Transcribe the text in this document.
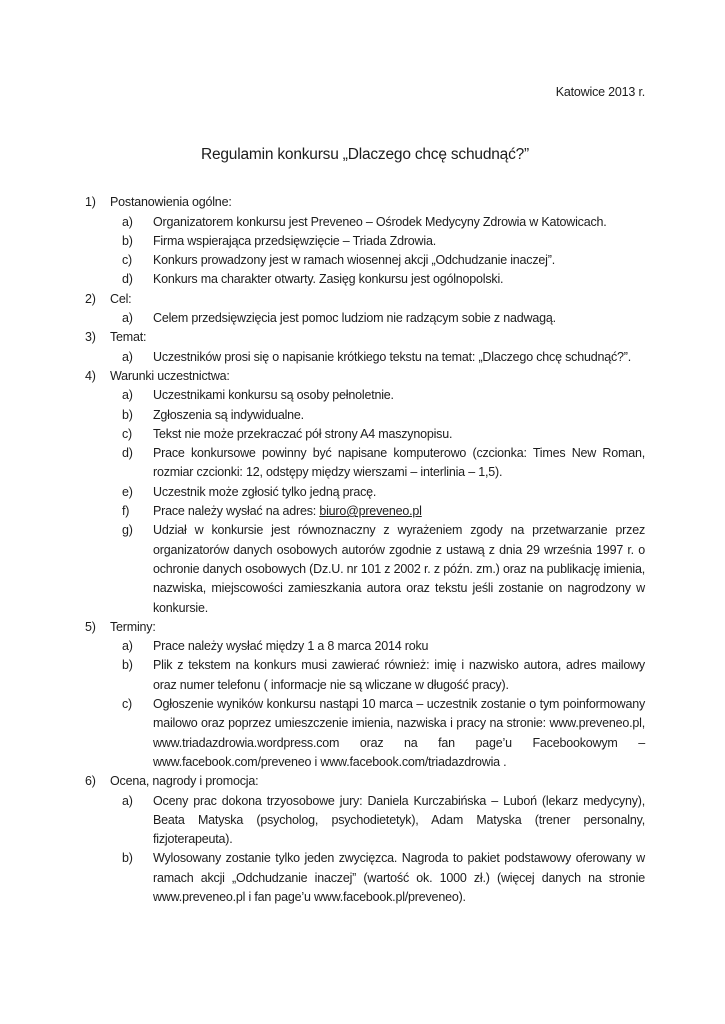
Katowice 2013 r.
Regulamin konkursu „Dlaczego chcę schudnąć?”
1)	Postanowienia ogólne:
a)	Organizatorem konkursu jest Preveneo – Ośrodek Medycyny Zdrowia w Katowicach.
b)	Firma wspierająca przedsięwzięcie – Triada Zdrowia.
c)	Konkurs prowadzony jest w ramach wiosennej akcji „Odchudzanie inaczej”.
d)	Konkurs ma charakter otwarty. Zasięg konkursu jest ogólnopolski.
2)	Cel:
a)	Celem przedsięwzięcia jest pomoc ludziom nie radzącym sobie z nadwagą.
3)	Temat:
a)	Uczestników prosi się o napisanie krótkiego tekstu na temat: „Dlaczego chcę schudnąć?”.
4)	Warunki uczestnictwa:
a)	Uczestnikami konkursu są osoby pełnoletnie.
b)	Zgłoszenia są indywidualne.
c)	Tekst nie może przekraczać pół strony A4 maszynopisu.
d)	Prace konkursowe powinny być napisane komputerowo (czcionka: Times New Roman, rozmiar czcionki: 12, odstępy między wierszami – interlinia – 1,5).
e)	Uczestnik może zgłosić tylko jedną pracę.
f)	Prace należy wysłać na adres: biuro@preveneo.pl
g)	Udział w konkursie jest równoznaczny z wyrażeniem zgody na przetwarzanie przez organizatorów danych osobowych autorów zgodnie z ustawą z dnia 29 września 1997 r. o ochronie danych osobowych (Dz.U. nr 101 z 2002 r. z późn. zm.) oraz na publikację imienia, nazwiska, miejscowości zamieszkania autora oraz tekstu jeśli zostanie on nagrodzony w konkursie.
5)	Terminy:
a)	Prace należy wysłać między 1 a 8 marca 2014 roku
b)	Plik z tekstem na konkurs musi zawierać również: imię i nazwisko autora, adres mailowy oraz numer telefonu ( informacje nie są wliczane w długość pracy).
c)	Ogłoszenie wyników konkursu nastąpi 10 marca – uczestnik zostanie o tym poinformowany mailowo oraz poprzez umieszczenie imienia, nazwiska i pracy na stronie: www.preveneo.pl, www.triadazdrowia.wordpress.com oraz na fan page’u Facebookowym – www.facebook.com/preveneo i www.facebook.com/triadazdrowia .
6)	Ocena, nagrody i promocja:
a)	Oceny prac dokona trzyosobowe jury: Daniela Kurczabińska – Luboń (lekarz medycyny), Beata Matyska (psycholog, psychodietetyk), Adam Matyska (trener personalny, fizjoterapeuta).
b)	Wylosowany zostanie tylko jeden zwycięzca. Nagroda to pakiet podstawowy oferowany w ramach akcji „Odchudzanie inaczej” (wartość ok. 1000 zł.) (więcej danych na stronie www.preveneo.pl i fan page’u www.facebook.pl/preveneo).
